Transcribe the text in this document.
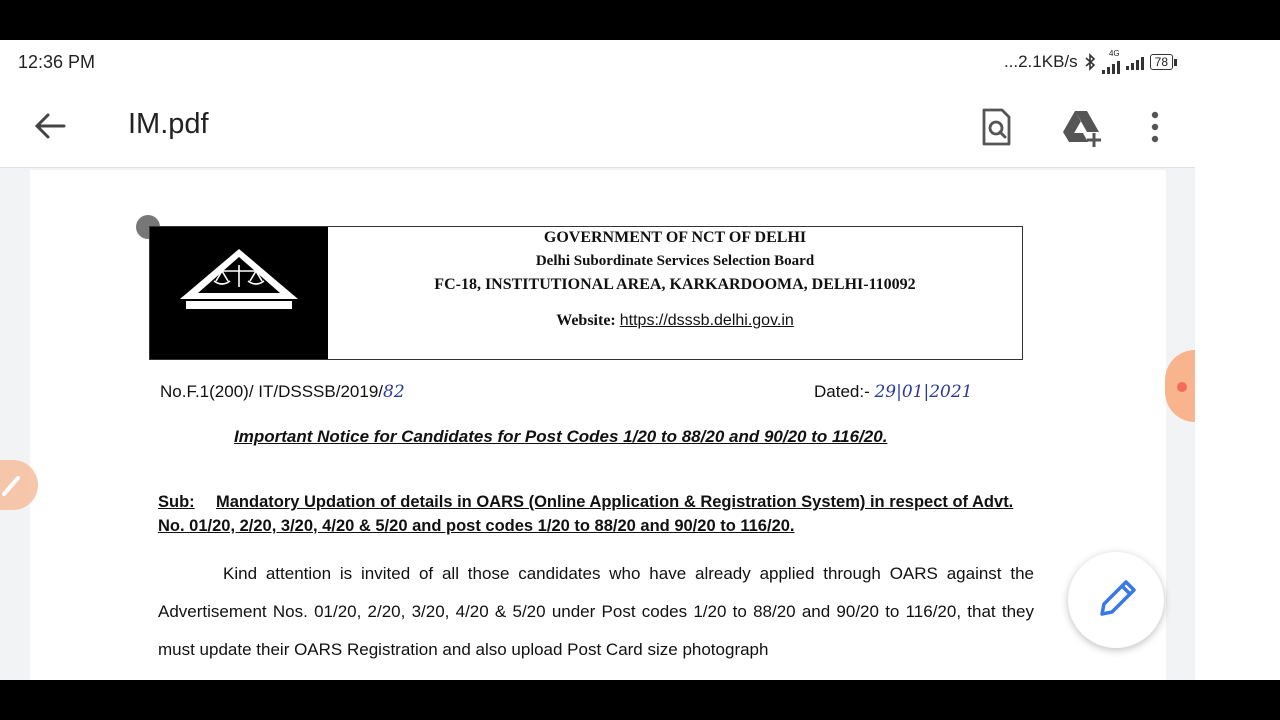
12:36 PM	...2.1KB/s	4G
78
IM.pdf
GOVERNMENT OF NCT OF DELHI
Delhi Subordinate Services Selection Board
FC-18, INSTITUTIONAL AREA, KARKARDOOMA, DELHI-110092
Website: https://dsssb.delhi.gov.in
No.F.1(200)/ IT/DSSSB/2019/82	Dated:- 29|01|2021
Important Notice for Candidates for Post Codes 1/20 to 88/20 and 90/20 to 116/20.
Sub: Mandatory Updation of details in OARS (Online Application & Registration System) in respect of Advt. No. 01/20, 2/20, 3/20, 4/20 & 5/20 and post codes 1/20 to 88/20 and 90/20 to 116/20.
Kind attention is invited of all those candidates who have already applied through OARS against the Advertisement Nos. 01/20, 2/20, 3/20, 4/20 & 5/20 under Post codes 1/20 to 88/20 and 90/20 to 116/20, that they must update their OARS Registration and also upload Post Card size photograph
